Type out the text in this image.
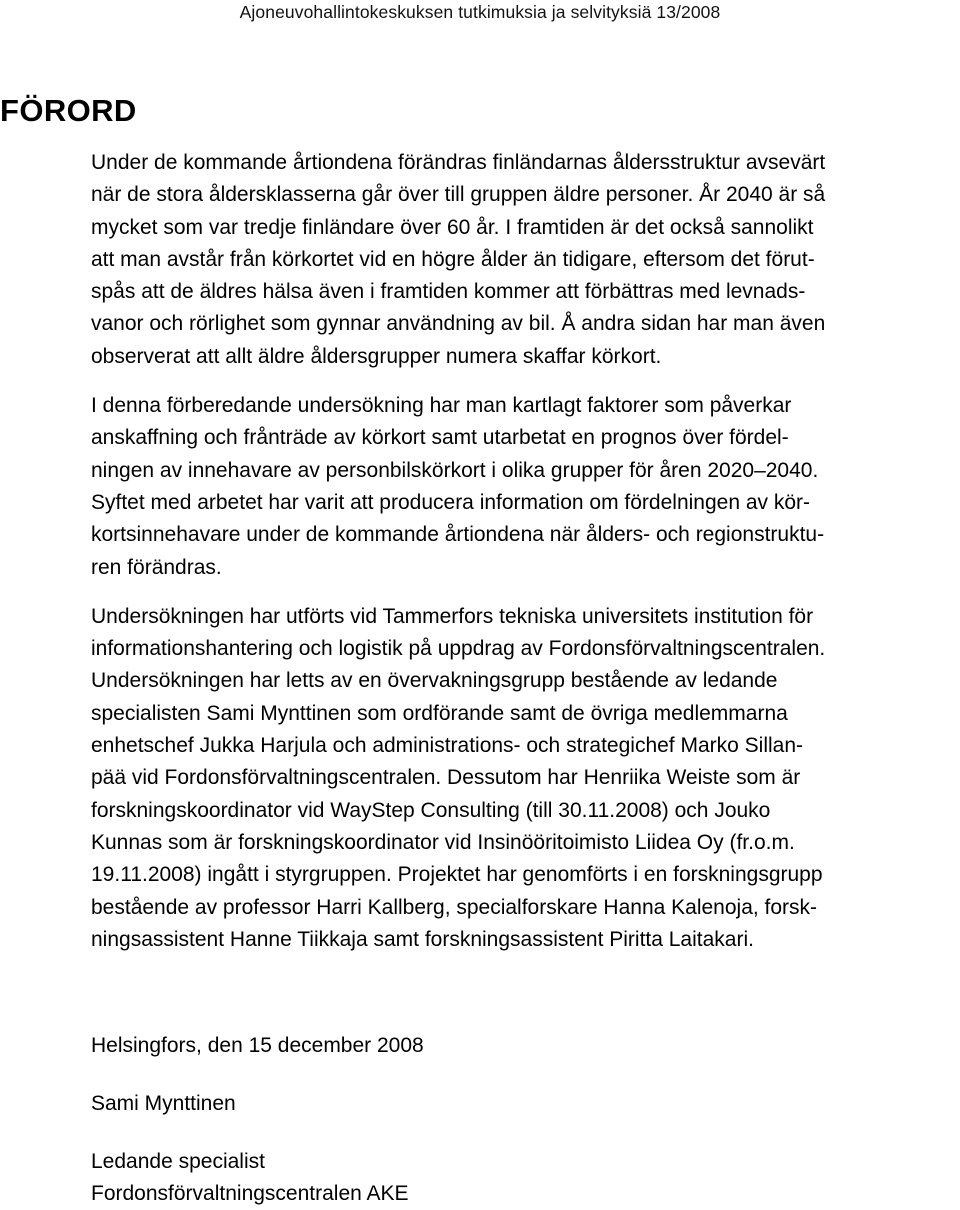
Ajoneuvohallintokeskuksen tutkimuksia ja selvityksiä 13/2008
FÖRORD

Under de kommande årtiondena förändras finländarnas åldersstruktur avsevärt
när de stora åldersklasserna går över till gruppen äldre personer. År 2040 är så
mycket som var tredje finländare över 60 år. I framtiden är det också sannolikt
att man avstår från körkortet vid en högre ålder än tidigare, eftersom det förut-
spås att de äldres hälsa även i framtiden kommer att förbättras med levnads-
vanor och rörlighet som gynnar användning av bil. Å andra sidan har man även
observerat att allt äldre åldersgrupper numera skaffar körkort.

I denna förberedande undersökning har man kartlagt faktorer som påverkar
anskaffning och frånträde av körkort samt utarbetat en prognos över fördel-
ningen av innehavare av personbilskörkort i olika grupper för åren 2020–2040.
Syftet med arbetet har varit att producera information om fördelningen av kör-
kortsinnehavare under de kommande årtiondena när ålders- och regionstruktu-
ren förändras.

Undersökningen har utförts vid Tammerfors tekniska universitets institution för
informationshantering och logistik på uppdrag av Fordonsförvaltningscentralen.
Undersökningen har letts av en övervakningsgrupp bestående av ledande
specialisten Sami Mynttinen som ordförande samt de övriga medlemmarna
enhetschef Jukka Harjula och administrations- och strategichef Marko Sillan-
pää vid Fordonsförvaltningscentralen. Dessutom har Henriika Weiste som är
forskningskoordinator vid WayStep Consulting (till 30.11.2008) och Jouko
Kunnas som är forskningskoordinator vid Insinööritoimisto Liidea Oy (fr.o.m.
19.11.2008) ingått i styrgruppen. Projektet har genomförts i en forskningsgrupp
bestående av professor Harri Kallberg, specialforskare Hanna Kalenoja, forsk-
ningsassistent Hanne Tiikkaja samt forskningsassistent Piritta Laitakari.

Helsingfors, den 15 december 2008
Sami Mynttinen
Ledande specialist
Fordonsförvaltningscentralen AKE
